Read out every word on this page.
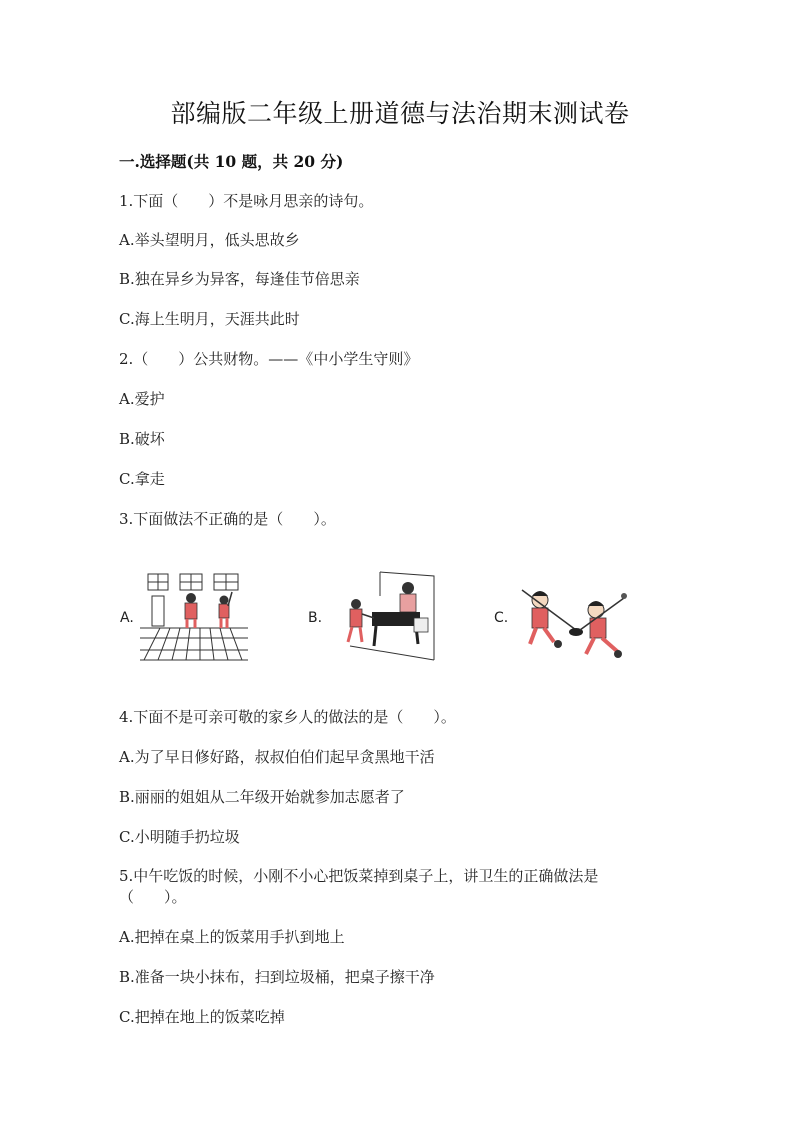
部编版二年级上册道德与法治期末测试卷
一.选择题(共 10 题，共 20 分)
1.下面（　　）不是咏月思亲的诗句。
A.举头望明月，低头思故乡
B.独在异乡为异客，每逢佳节倍思亲
C.海上生明月，天涯共此时
2.（　　）公共财物。——《中小学生守则》
A.爱护
B.破坏
C.拿走
3.下面做法不正确的是（　　）。
A.	B.	C.
4.下面不是可亲可敬的家乡人的做法的是（　　）。
A.为了早日修好路，叔叔伯伯们起早贪黑地干活
B.丽丽的姐姐从二年级开始就参加志愿者了
C.小明随手扔垃圾
5.中午吃饭的时候，小刚不小心把饭菜掉到桌子上，讲卫生的正确做法是
（　　）。
A.把掉在桌上的饭菜用手扒到地上
B.准备一块小抹布，扫到垃圾桶，把桌子擦干净
C.把掉在地上的饭菜吃掉
